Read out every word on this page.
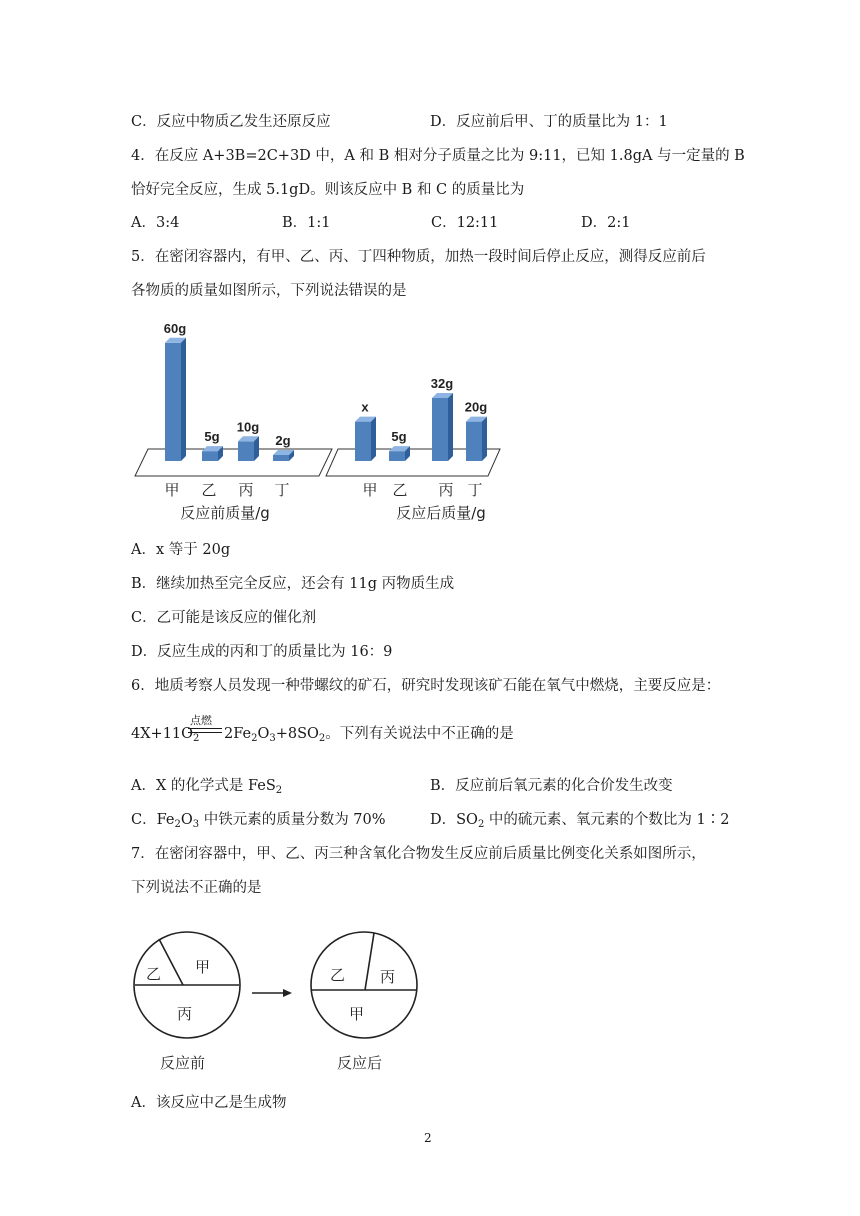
C．反应中物质乙发生还原反应	D．反应前后甲、丁的质量比为 1：1
4．在反应 A+3B=2C+3D 中，A 和 B 相对分子质量之比为 9:11，已知 1.8gA 与一定量的 B
恰好完全反应，生成 5.1gD。则该反应中 B 和 C 的质量比为
A．3:4	B．1:1	C．12:11	D．2:1
5．在密闭容器内，有甲、乙、丙、丁四种物质，加热一段时间后停止反应，测得反应前后
各物质的质量如图所示，下列说法错误的是
60g
甲
5g
乙
10g
丙
2g
丁
反应前质量/g
x
甲
5g
乙
32g
丙
20g
丁
反应后质量/g
A．x 等于 20g
B．继续加热至完全反应，还会有 11g 丙物质生成
C．乙可能是该反应的催化剂
D．反应生成的丙和丁的质量比为 16：9
6．地质考察人员发现一种带螺纹的矿石，研究时发现该矿石能在氧气中燃烧，主要反应是：
点燃
$4X+11O_2$ $2Fe_2O_3+8SO_2$。下列有关说法中不正确的是
A．X 的化学式是 FeS$_2$	B．反应前后氧元素的化合价发生改变
C．$Fe_2O_3$ 中铁元素的质量分数为 70%	D．$SO_2$ 中的硫元素、氧元素的个数比为 1∶2
7．在密闭容器中，甲、乙、丙三种含氧化合物发生反应前后质量比例变化关系如图所示，
下列说法不正确的是
乙 甲
丙
反应前
乙 丙
甲
反应后
A．该反应中乙是生成物
2
